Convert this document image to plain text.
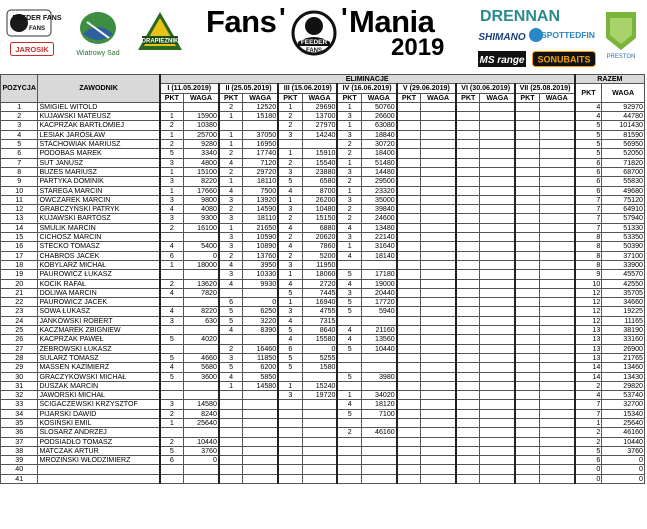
FEEDER FANS
FANS
JAROSIK	Wiatrowy Sad
DRAPIEZNIK
Fans '
FEEDER
FANS
' Mania
2019
DRENNAN
SHIMANO SPOTTEDFIN
PRESTON
MS range SONUBAITS
POZYCJA	ZAWODNIK	ELIMINACJE														RAZEM	
		I (11.05.2019)		II (25.05.2019)		III (15.06.2019)		IV (16.06.2019)		V (29.06.2019)		VI (30.06.2019)		VII (25.08.2019)		PKT	WAGA
		PKT	WAGA	PKT	WAGA	PKT	WAGA	PKT	WAGA	PKT	WAGA	PKT	WAGA	PKT	WAGA		
1	ŚMIGIEL WITOLD			2	12520	1	29690	1	50760							4	92970
2	KUJAWSKI MATEUSZ	1	15900	1	15180	2	13700	3	26600							4	44780
3	KACPRZAK BARTŁOMIEJ	2	10380			2	27970	1	63080							5	101430
4	LESIAK JAROSŁAW	1	25700	1	37050	3	14240	3	18840							5	81590
5	STACHOWIAK MARIUSZ	2	9280	1	16950			2	30720							5	56950
6	PODOBAS MAREK	5	3340	2	17740	1	15910	2	18400							5	52050
7	SUT JANUSZ	3	4800	4	7120	2	15540	1	51480							6	71820
8	BUZES MARIUSZ	1	15100	2	29720	3	23880	3	14480							6	68700
9	PARTYKA DOMINIK	3	8220	1	18110	5	6580	2	29500							6	55830
10	STAREGA MARCIN	1	17660	4	7500	4	8700	1	23320							6	49680
11	OWCZAREK MARCIN	3	9800	3	13920	1	26200	3	35000							7	75120
12	GRABCZYŃSKI PATRYK	4	4080	2	14590	3	10480	2	39840							7	64910
13	KUJAWSKI BARTOSZ	3	9300	3	18110	2	15150	2	24600							7	57940
14	SMULIK MARCIN	2	16100	1	21650	4	6880	4	13480							7	51330
15	CICHOSZ MARCIN			3	10590	2	20620	3	22140							8	53350
16	STECKO TOMASZ	4	5400	3	10890	4	7860	1	31640							8	50390
17	CHABROS JACEK	6	0	2	13760	2	5200	4	18140							8	37100
18	KOBYLARZ MICHAŁ	1	18000	4	3950	3	11950									8	33900
19	PAUROWICZ ŁUKASZ			3	10330	1	18060	5	17180							9	45570
20	KOCIK RAFAŁ	2	13620	4	9930	4	2720	4	19000							10	42550
21	DOLIWA MARCIN	4	7820			5	7445	3	20440							12	35705
22	PAUROWICZ JACEK			6	0	1	16940	5	17720							12	34660
23	SOWA ŁUKASZ	4	8220	5	6250	3	4755	5	5940							12	19225
24	JANKOWSKI ROBERT	3	630	5	3220	4	7315									12	11165
25	KACZMAREK ZBIGNIEW			4	8390	5	8640	4	21160							13	38190
26	KACPRZAK PAWEŁ	5	4020			4	15580	4	13560							13	33160
27	ŻEBROWSKI ŁUKASZ			2	16460	6	0	5	10440							13	26900
28	SULARZ TOMASZ	5	4660	3	11850	5	5255									13	21765
29	MASSEN KAZIMIERZ	4	5680	5	6200	5	1580									14	13460
30	GRACZYKOWSKI MICHAŁ	5	3600	4	5850			5	3980							14	13430
31	DUSZAK MARCIN			1	14580	1	15240									2	29820
32	JAWORSKI MICHAŁ					3	19720	1	34020							4	53740
33	ŚCIGACZEWSKI KRZYSZTOF	3	14580					4	18120							7	32700
34	PIJARSKI DAWID	2	8240					5	7100							7	15340
35	KOSIŃSKI EMIL	1	25640													1	25640
36	ŚLOSARZ ANDRZEJ							2	46160							2	46160
37	PODSIADŁO TOMASZ	2	10440													2	10440
38	MATCZAK ARTUR	5	3760													5	3760
39	MROZIŃSKI WŁODZIMIERZ	6	0													6	0
40																0	0
41																0	0
